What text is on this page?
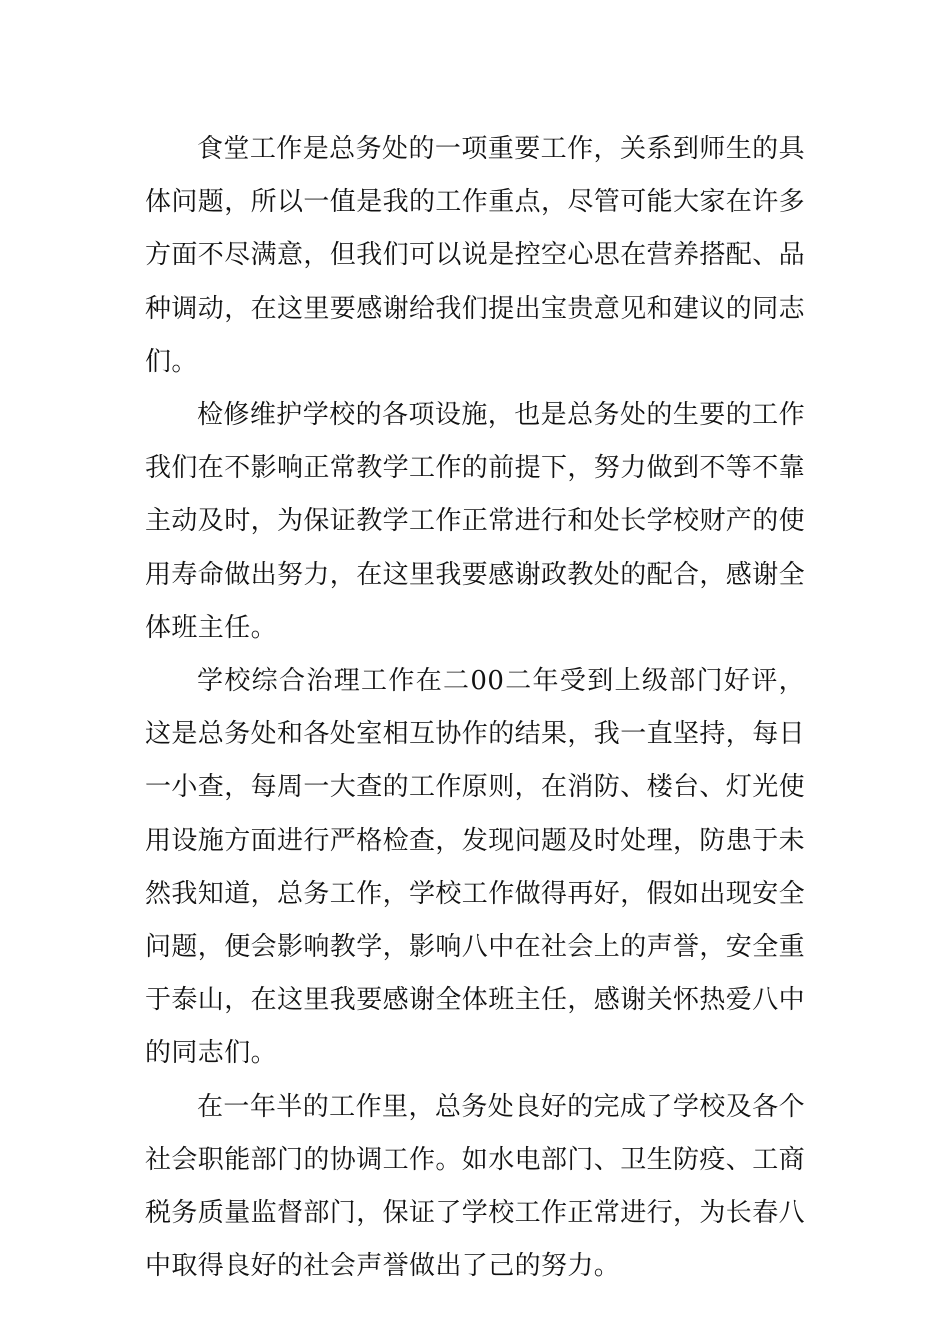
食堂工作是总务处的一项重要工作，关系到师生的具体问题，所以一值是我的工作重点，尽管可能大家在许多方面不尽满意，但我们可以说是控空心思在营养搭配、品种调动，在这里要感谢给我们提出宝贵意见和建议的同志们。

检修维护学校的各项设施，也是总务处的生要的工作我们在不影响正常教学工作的前提下，努力做到不等不靠主动及时，为保证教学工作正常进行和处长学校财产的使用寿命做出努力，在这里我要感谢政教处的配合，感谢全体班主任。

学校综合治理工作在二00二年受到上级部门好评，这是总务处和各处室相互协作的结果，我一直坚持，每日一小查，每周一大查的工作原则，在消防、楼台、灯光使用设施方面进行严格检查，发现问题及时处理，防患于未然我知道，总务工作，学校工作做得再好，假如出现安全问题，便会影响教学，影响八中在社会上的声誉，安全重于泰山，在这里我要感谢全体班主任，感谢关怀热爱八中的同志们。

在一年半的工作里，总务处良好的完成了学校及各个社会职能部门的协调工作。如水电部门、卫生防疫、工商税务质量监督部门，保证了学校工作正常进行，为长春八中取得良好的社会声誉做出了己的努力。
